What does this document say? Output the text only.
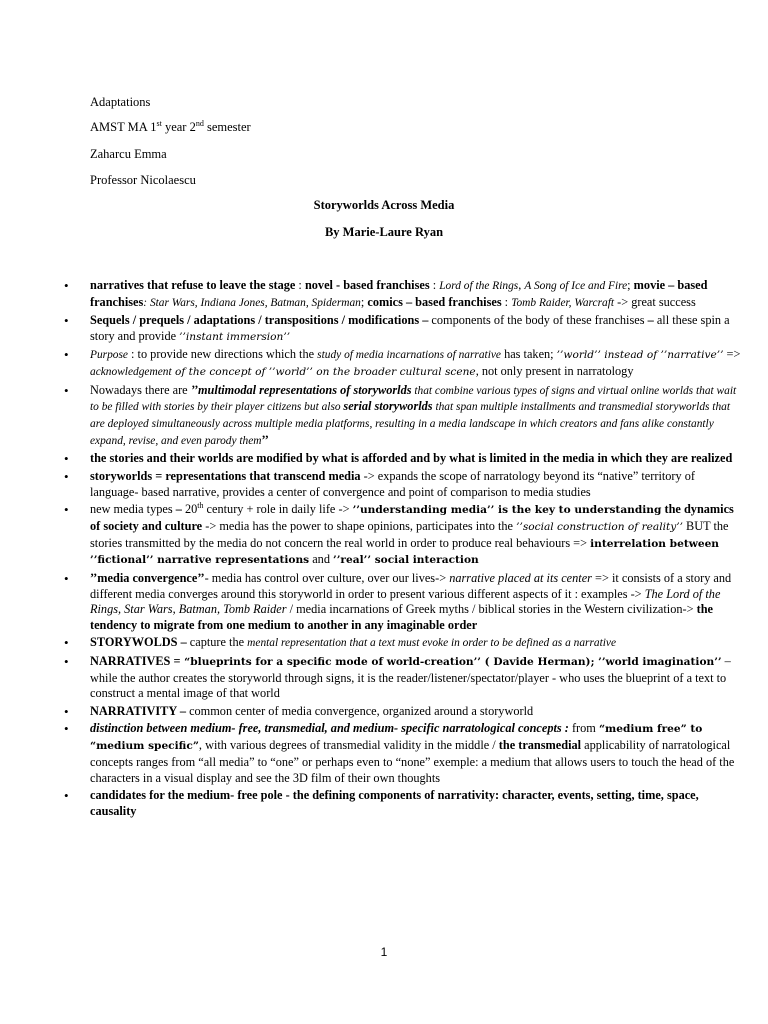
Adaptations
AMST MA 1st year 2nd semester
Zaharcu Emma
Professor Nicolaescu
Storyworlds Across Media
By Marie-Laure Ryan
• narratives that refuse to leave the stage : novel - based franchises : Lord of the Rings, A Song of Ice and Fire; movie – based franchises: Star Wars, Indiana Jones, Batman, Spiderman; comics – based franchises : Tomb Raider, Warcraft -> great success
• Sequels / prequels / adaptations / transpositions / modifications – components of the body of these franchises – all these spin a story and provide ’’instant immersion’’
• Purpose : to provide new directions which the study of media incarnations of narrative has taken; ’’world’’ instead of ’’narrative’’ => acknowledgement of the concept of ’’world’’ on the broader cultural scene, not only present in narratology
• Nowadays there are ’’multimodal representations of storyworlds that combine various types of signs and virtual online worlds that wait to be filled with stories by their player citizens but also serial storyworlds that span multiple installments and transmedial storyworlds that are deployed simultaneously across multiple media platforms, resulting in a media landscape in which creators and fans alike constantly expand, revise, and even parody them’’
• the stories and their worlds are modified by what is afforded and by what is limited in the media in which they are realized
• storyworlds = representations that transcend media -> expands the scope of narratology beyond its “native” territory of language- based narrative, provides a center of convergence and point of comparison to media studies
• new media types – 20th century + role in daily life -> ’’understanding media’’ is the key to understanding the dynamics of society and culture -> media has the power to shape opinions, participates into the ’’social construction of reality’’ BUT the stories transmitted by the media do not concern the real world in order to produce real behaviours => interrelation between ’’fictional’’ narrative representations and ’’real’’ social interaction
• ’’media convergence’’- media has control over culture, over our lives-> narrative placed at its center => it consists of a story and different media converges around this storyworld in order to present various different aspects of it : examples -> The Lord of the Rings, Star Wars, Batman, Tomb Raider / media incarnations of Greek myths / biblical stories in the Western civilization-> the tendency to migrate from one medium to another in any imaginable order
• STORYWOLDS – capture the mental representation that a text must evoke in order to be defined as a narrative
• NARRATIVES = “blueprints for a specific mode of world-creation’’ ( Davide Herman); ’’world imagination’’ – while the author creates the storyworld through signs, it is the reader/listener/spectator/player - who uses the blueprint of a text to construct a mental image of that world
• NARRATIVITY – common center of media convergence, organized around a storyworld
• distinction between medium- free, transmedial, and medium- specific narratological concepts : from “medium free” to “medium specific”, with various degrees of transmedial validity in the middle / the transmedial applicability of narratological concepts ranges from “all media” to “one” or perhaps even to “none” exemple: a medium that allows users to touch the head of the characters in a visual display and see the 3D film of their own thoughts
• candidates for the medium- free pole - the defining components of narrativity: character, events, setting, time, space, causality
1
